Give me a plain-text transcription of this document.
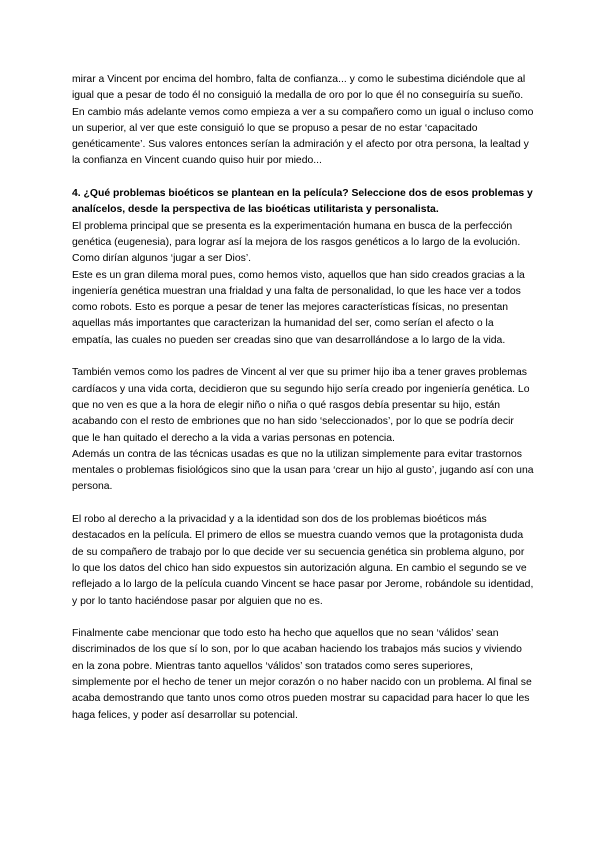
mirar a Vincent por encima del hombro, falta de confianza... y como le subestima diciéndole que al igual que a pesar de todo él no consiguió la medalla de oro por lo que él no conseguiría su sueño. En cambio más adelante vemos como empieza a ver a su compañero como un igual o incluso como un superior, al ver que este consiguió lo que se propuso a pesar de no estar ‘capacitado genéticamente’. Sus valores entonces serían la admiración y el afecto por otra persona, la lealtad y la confianza en Vincent cuando quiso huir por miedo...

4. ¿Qué problemas bioéticos se plantean en la película? Seleccione dos de esos problemas y analícelos, desde la perspectiva de las bioéticas utilitarista y personalista.

El problema principal que se presenta es la experimentación humana en busca de la perfección genética (eugenesia), para lograr así la mejora de los rasgos genéticos a lo largo de la evolución. Como dirían algunos ‘jugar a ser Dios’.

Este es un gran dilema moral pues, como hemos visto, aquellos que han sido creados gracias a la ingeniería genética muestran una frialdad y una falta de personalidad, lo que les hace ver a todos como robots. Esto es porque a pesar de tener las mejores características físicas, no presentan aquellas más importantes que caracterizan la humanidad del ser, como serían el afecto o la empatía, las cuales no pueden ser creadas sino que van desarrollándose a lo largo de la vida.

También vemos como los padres de Vincent al ver que su primer hijo iba a tener graves problemas cardíacos y una vida corta, decidieron que su segundo hijo sería creado por ingeniería genética. Lo que no ven es que a la hora de elegir niño o niña o qué rasgos debía presentar su hijo, están acabando con el resto de embriones que no han sido ‘seleccionados’, por lo que se podría decir que le han quitado el derecho a la vida a varias personas en potencia.

Además un contra de las técnicas usadas es que no la utilizan simplemente para evitar trastornos mentales o problemas fisiológicos sino que la usan para ‘crear un hijo al gusto’, jugando así con una persona.

El robo al derecho a la privacidad y a la identidad son dos de los problemas bioéticos más destacados en la película. El primero de ellos se muestra cuando vemos que la protagonista duda de su compañero de trabajo por lo que decide ver su secuencia genética sin problema alguno, por lo que los datos del chico han sido expuestos sin autorización alguna. En cambio el segundo se ve reflejado a lo largo de la película cuando Vincent se hace pasar por Jerome, robándole su identidad, y por lo tanto haciéndose pasar por alguien que no es.

Finalmente cabe mencionar que todo esto ha hecho que aquellos que no sean ‘válidos’ sean discriminados de los que sí lo son, por lo que acaban haciendo los trabajos más sucios y viviendo en la zona pobre. Mientras tanto aquellos ‘válidos’ son tratados como seres superiores, simplemente por el hecho de tener un mejor corazón o no haber nacido con un problema. Al final se acaba demostrando que tanto unos como otros pueden mostrar su capacidad para hacer lo que les haga felices, y poder así desarrollar su potencial.
